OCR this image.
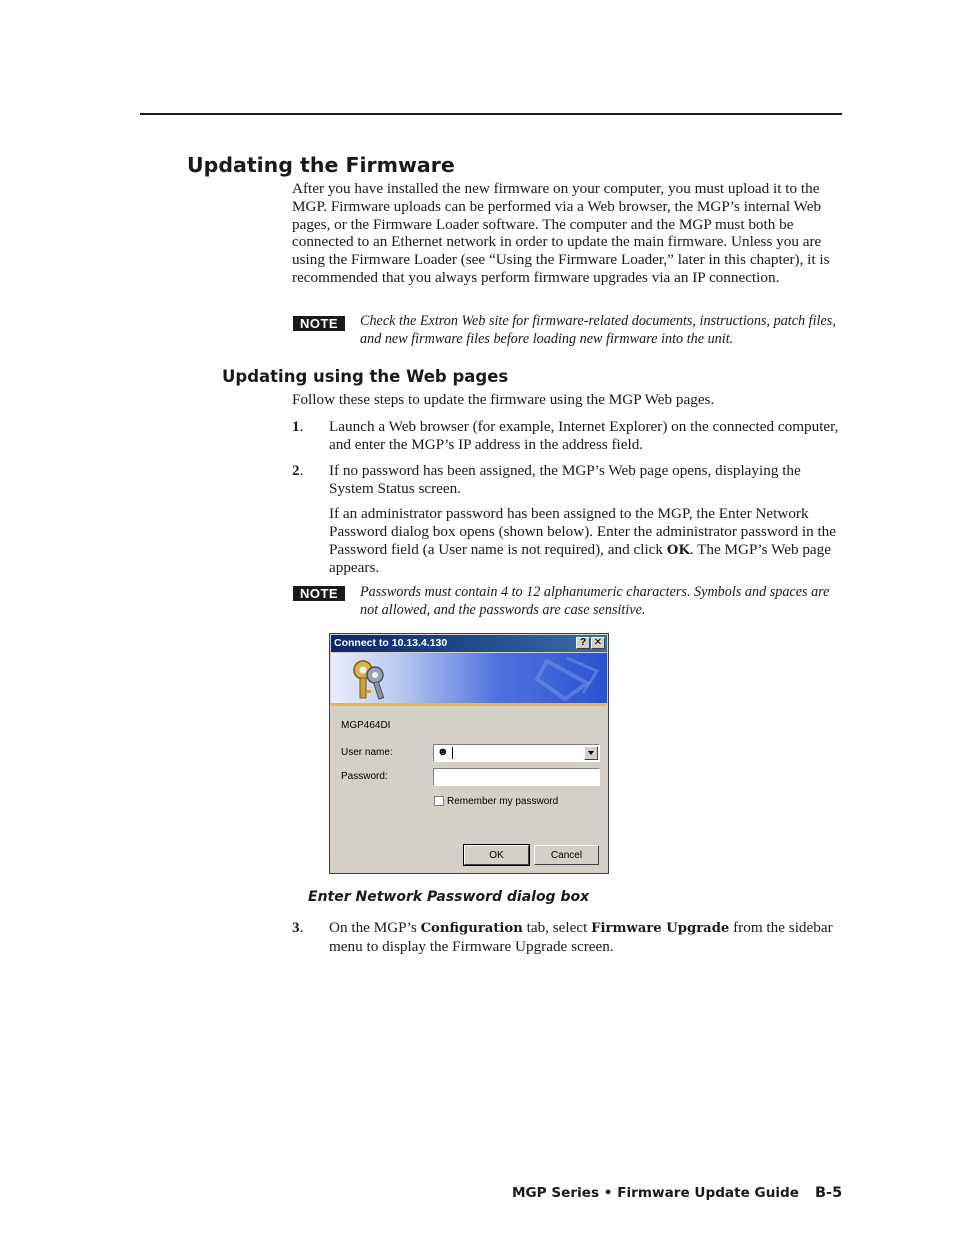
Updating the Firmware

After you have installed the new firmware on your computer, you must upload it to the MGP. Firmware uploads can be performed via a Web browser, the MGP’s internal Web pages, or the Firmware Loader software. The computer and the MGP must both be connected to an Ethernet network in order to update the main firmware. Unless you are using the Firmware Loader (see “Using the Firmware Loader,” later in this chapter), it is recommended that you always perform firmware upgrades via an IP connection.

NOTE	Check the Extron Web site for firmware-related documents, instructions, patch files, and new firmware files before loading new firmware into the unit.

Updating using the Web pages

Follow these steps to update the firmware using the MGP Web pages.

1. Launch a Web browser (for example, Internet Explorer) on the connected computer, and enter the MGP’s IP address in the address field.

2. If no password has been assigned, the MGP’s Web page opens, displaying the System Status screen.

If an administrator password has been assigned to the MGP, the Enter Network Password dialog box opens (shown below). Enter the administrator password in the Password field (a User name is not required), and click OK. The MGP’s Web page appears.

NOTE	Passwords must contain 4 to 12 alphanumeric characters. Symbols and spaces are not allowed, and the passwords are case sensitive.

Connect to 10.13.4.130	? ✕
MGP464DI
User name:	☻
Password:
Remember my password
OK	Cancel

Enter Network Password dialog box

3. On the MGP’s Configuration tab, select Firmware Upgrade from the sidebar menu to display the Firmware Upgrade screen.

MGP Series • Firmware Update Guide B-5
